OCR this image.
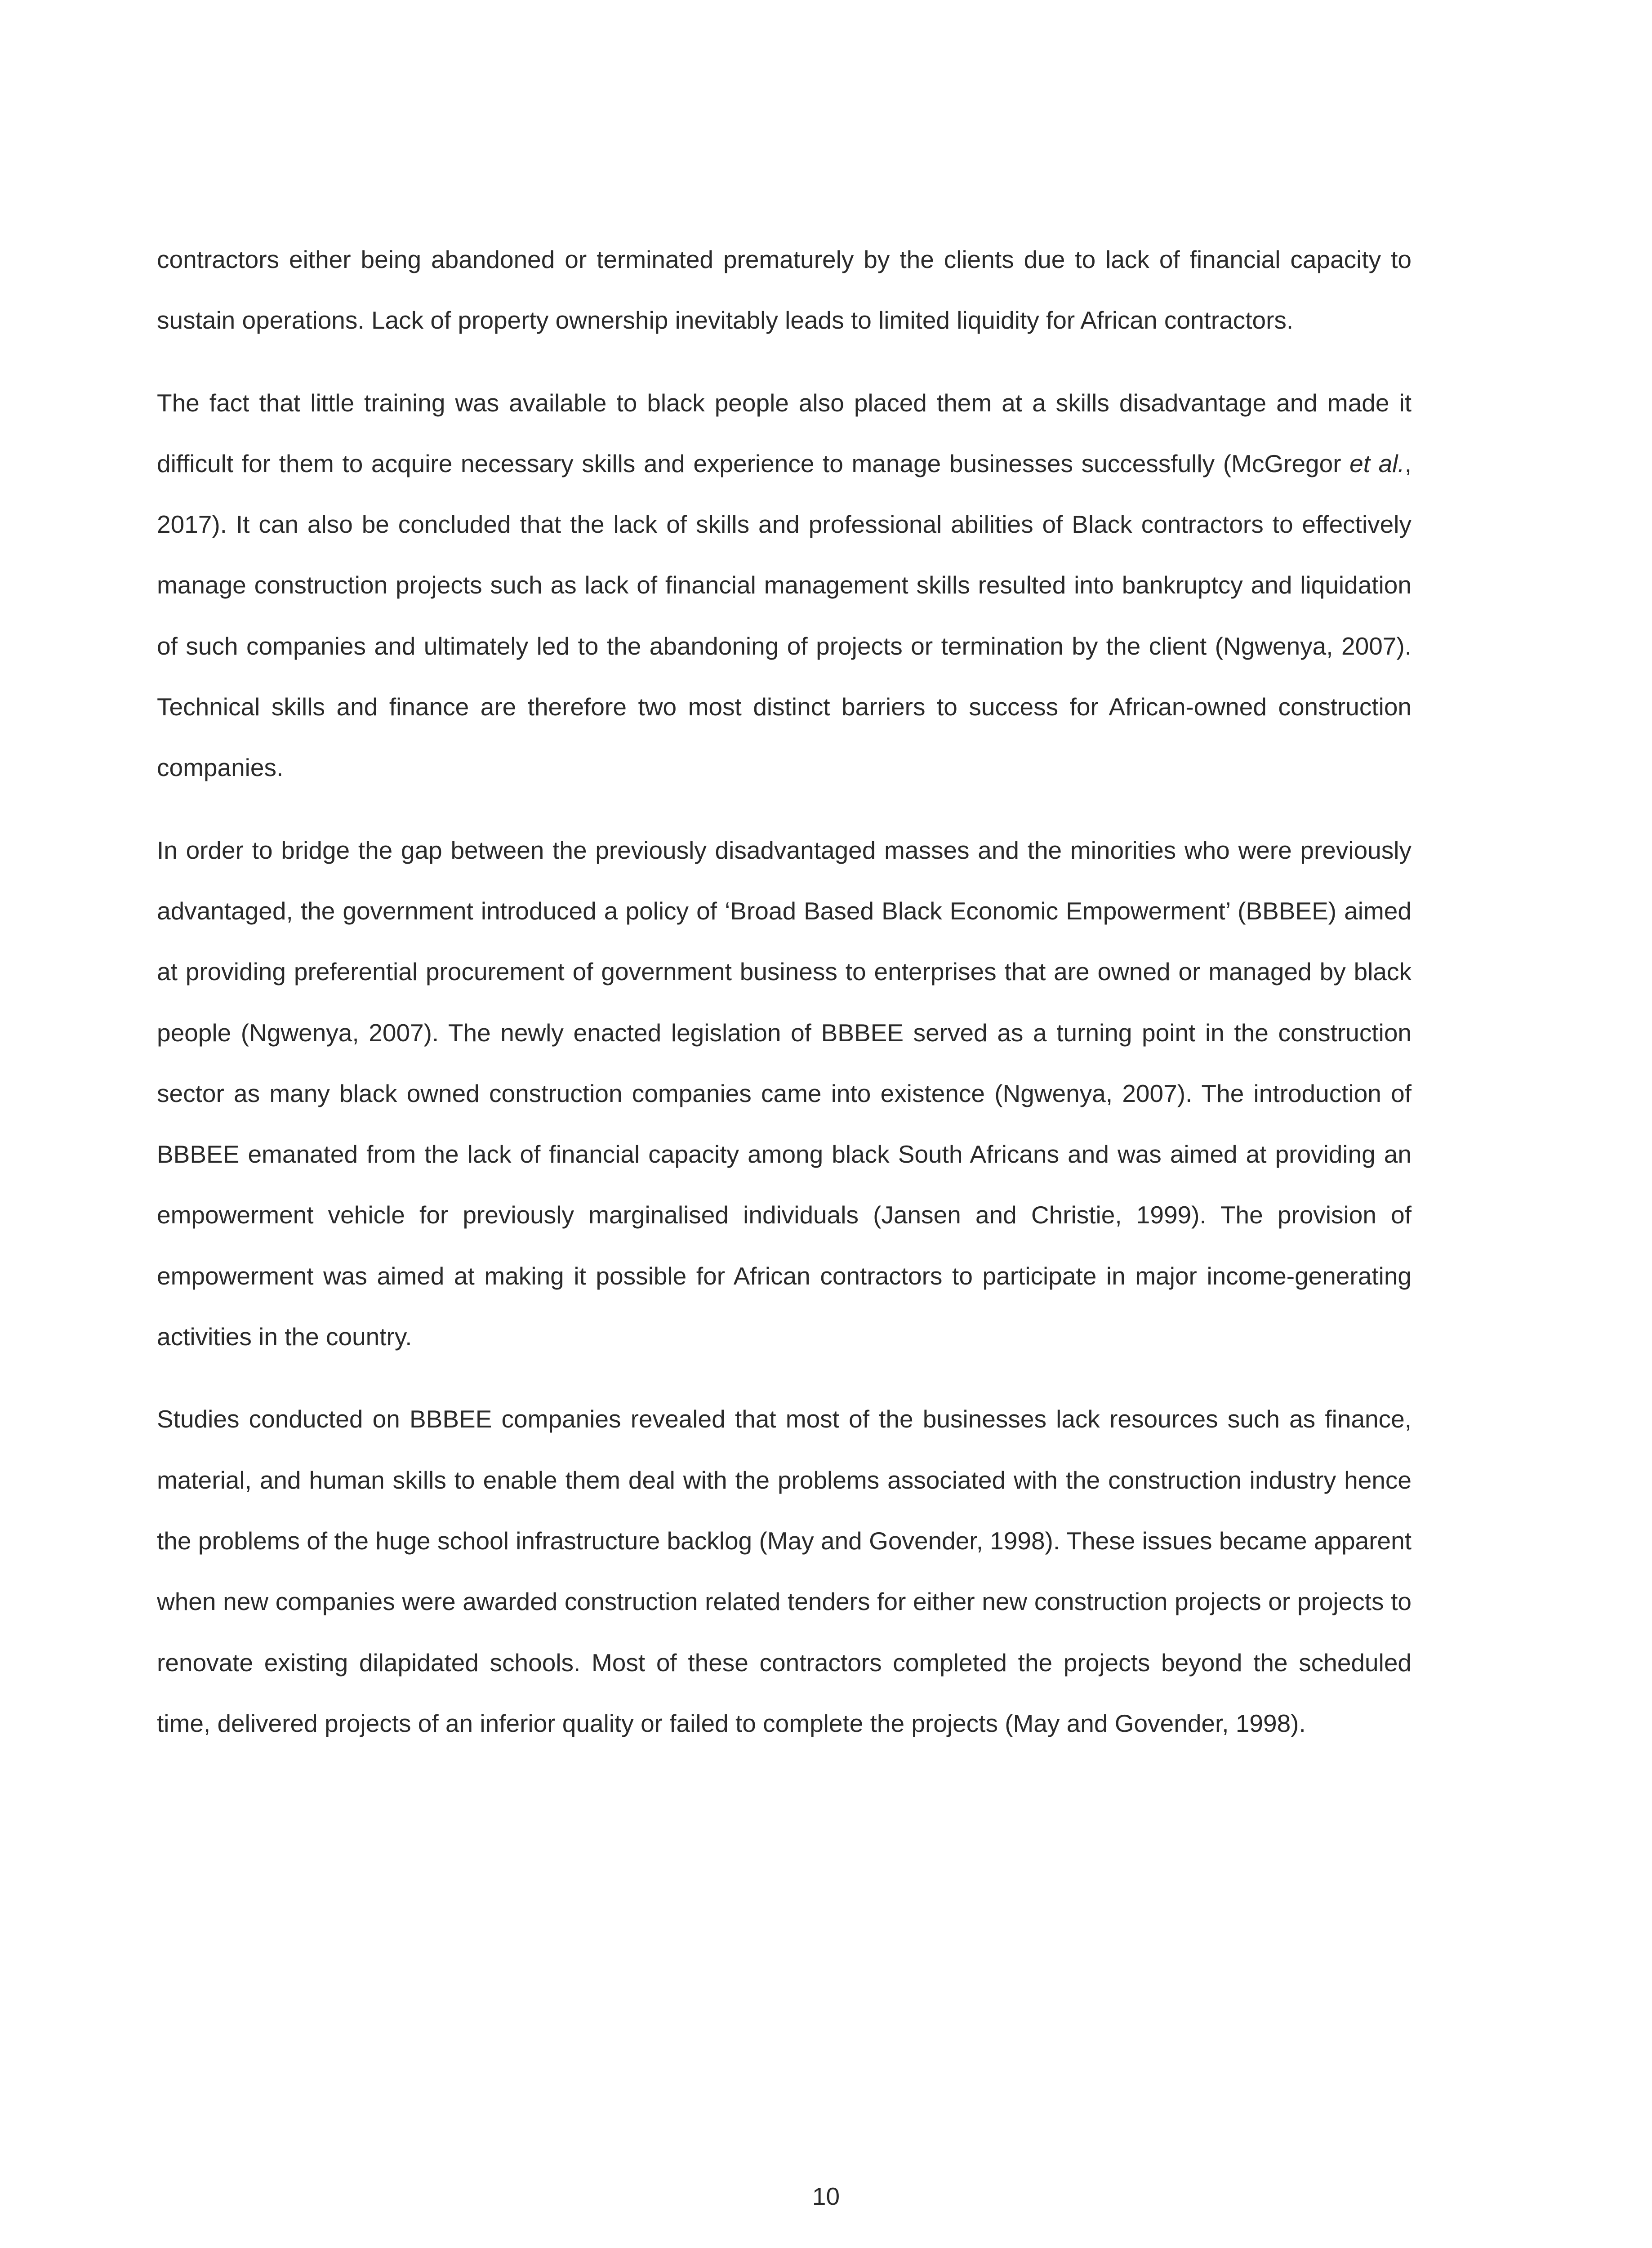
contractors either being abandoned or terminated prematurely by the clients due to lack of financial capacity to sustain operations. Lack of property ownership inevitably leads to limited liquidity for African contractors.

The fact that little training was available to black people also placed them at a skills disadvantage and made it difficult for them to acquire necessary skills and experience to manage businesses successfully (McGregor et al., 2017). It can also be concluded that the lack of skills and professional abilities of Black contractors to effectively manage construction projects such as lack of financial management skills resulted into bankruptcy and liquidation of such companies and ultimately led to the abandoning of projects or termination by the client (Ngwenya, 2007). Technical skills and finance are therefore two most distinct barriers to success for African-owned construction companies.

In order to bridge the gap between the previously disadvantaged masses and the minorities who were previously advantaged, the government introduced a policy of ‘Broad Based Black Economic Empowerment’ (BBBEE) aimed at providing preferential procurement of government business to enterprises that are owned or managed by black people (Ngwenya, 2007). The newly enacted legislation of BBBEE served as a turning point in the construction sector as many black owned construction companies came into existence (Ngwenya, 2007). The introduction of BBBEE emanated from the lack of financial capacity among black South Africans and was aimed at providing an empowerment vehicle for previously marginalised individuals (Jansen and Christie, 1999). The provision of empowerment was aimed at making it possible for African contractors to participate in major income-generating activities in the country.

Studies conducted on BBBEE companies revealed that most of the businesses lack resources such as finance, material, and human skills to enable them deal with the problems associated with the construction industry hence the problems of the huge school infrastructure backlog (May and Govender, 1998). These issues became apparent when new companies were awarded construction related tenders for either new construction projects or projects to renovate existing dilapidated schools. Most of these contractors completed the projects beyond the scheduled time, delivered projects of an inferior quality or failed to complete the projects (May and Govender, 1998).

10
